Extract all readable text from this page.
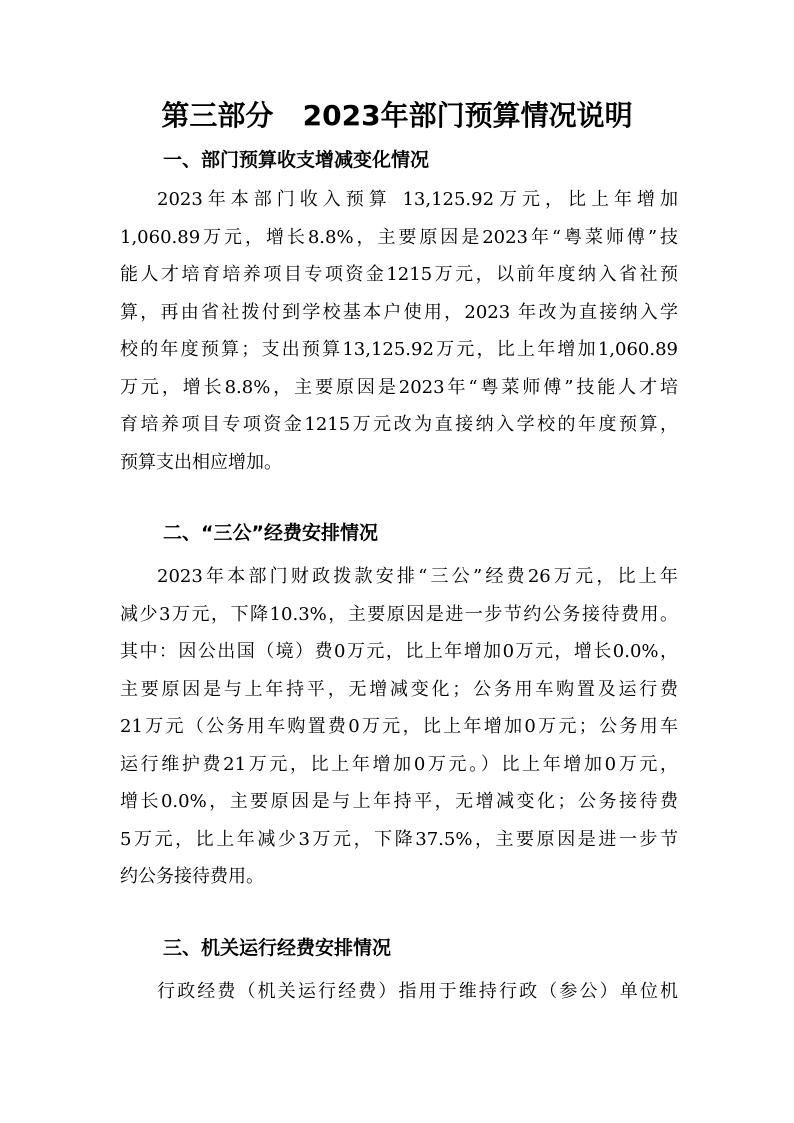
第三部分   2023年部门预算情况说明
一、部门预算收支增减变化情况
2023年本部门收入预算 13,125.92万元，比上年增加
1,060.89万元，增长8.8%，主要原因是2023年“粤菜师傅”技
能人才培育培养项目专项资金1215万元，以前年度纳入省社预
算，再由省社拨付到学校基本户使用，2023 年改为直接纳入学
校的年度预算；支出预算13,125.92万元，比上年增加1,060.89
万元，增长8.8%，主要原因是2023年“粤菜师傅”技能人才培
育培养项目专项资金1215万元改为直接纳入学校的年度预算，
预算支出相应增加。
二、“三公”经费安排情况
2023年本部门财政拨款安排“三公”经费26万元，比上年
减少3万元，下降10.3%，主要原因是进一步节约公务接待费用。
其中：因公出国（境）费0万元，比上年增加0万元，增长0.0%，
主要原因是与上年持平，无增减变化；公务用车购置及运行费
21万元（公务用车购置费0万元，比上年增加0万元；公务用车
运行维护费21万元，比上年增加0万元。）比上年增加0万元，
增长0.0%，主要原因是与上年持平，无增减变化；公务接待费
5万元，比上年减少3万元，下降37.5%，主要原因是进一步节
约公务接待费用。
三、机关运行经费安排情况
行政经费（机关运行经费）指用于维持行政（参公）单位机
